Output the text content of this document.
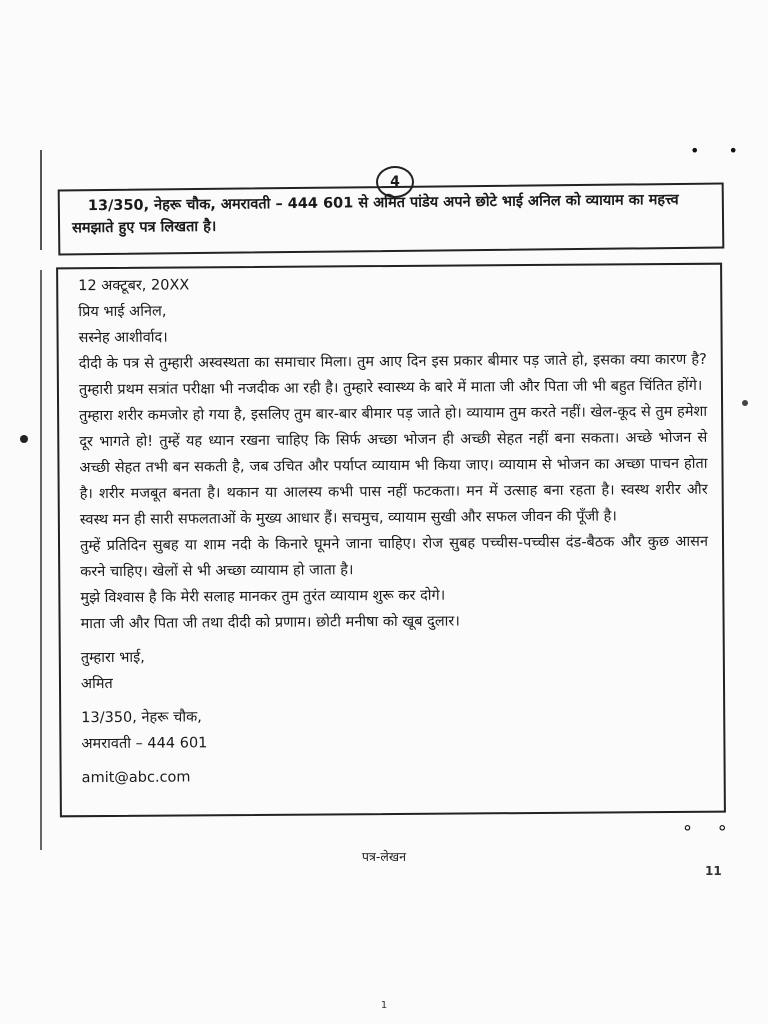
• •
4
13/350, नेहरू चौक, अमरावती – 444 601 से अमित पांडेय अपने छोटे भाई अनिल को व्यायाम का महत्त्व समझाते हुए पत्र लिखता है।

12 अक्टूबर, 20XX

प्रिय भाई अनिल,

सस्नेह आशीर्वाद।

दीदी के पत्र से तुम्हारी अस्वस्थता का समाचार मिला। तुम आए दिन इस प्रकार बीमार पड़ जाते हो, इसका क्या कारण है? तुम्हारी प्रथम सत्रांत परीक्षा भी नजदीक आ रही है। तुम्हारे स्वास्थ्य के बारे में माता जी और पिता जी भी बहुत चिंतित होंगे।

तुम्हारा शरीर कमजोर हो गया है, इसलिए तुम बार-बार बीमार पड़ जाते हो। व्यायाम तुम करते नहीं। खेल-कूद से तुम हमेशा दूर भागते हो! तुम्हें यह ध्यान रखना चाहिए कि सिर्फ अच्छा भोजन ही अच्छी सेहत नहीं बना सकता। अच्छे भोजन से अच्छी सेहत तभी बन सकती है, जब उचित और पर्याप्त व्यायाम भी किया जाए। व्यायाम से भोजन का अच्छा पाचन होता है। शरीर मजबूत बनता है। थकान या आलस्य कभी पास नहीं फटकता। मन में उत्साह बना रहता है। स्वस्थ शरीर और स्वस्थ मन ही सारी सफलताओं के मुख्य आधार हैं। सचमुच, व्यायाम सुखी और सफल जीवन की पूँजी है।

तुम्हें प्रतिदिन सुबह या शाम नदी के किनारे घूमने जाना चाहिए। रोज सुबह पच्चीस-पच्चीस दंड-बैठक और कुछ आसन करने चाहिए। खेलों से भी अच्छा व्यायाम हो जाता है।

मुझे विश्वास है कि मेरी सलाह मानकर तुम तुरंत व्यायाम शुरू कर दोगे।

माता जी और पिता जी तथा दीदी को प्रणाम। छोटी मनीषा को खूब दुलार।

तुम्हारा भाई,

अमित

13/350, नेहरू चौक,

अमरावती – 444 601

amit@abc.com

° °
पत्र-लेखन
11
1
